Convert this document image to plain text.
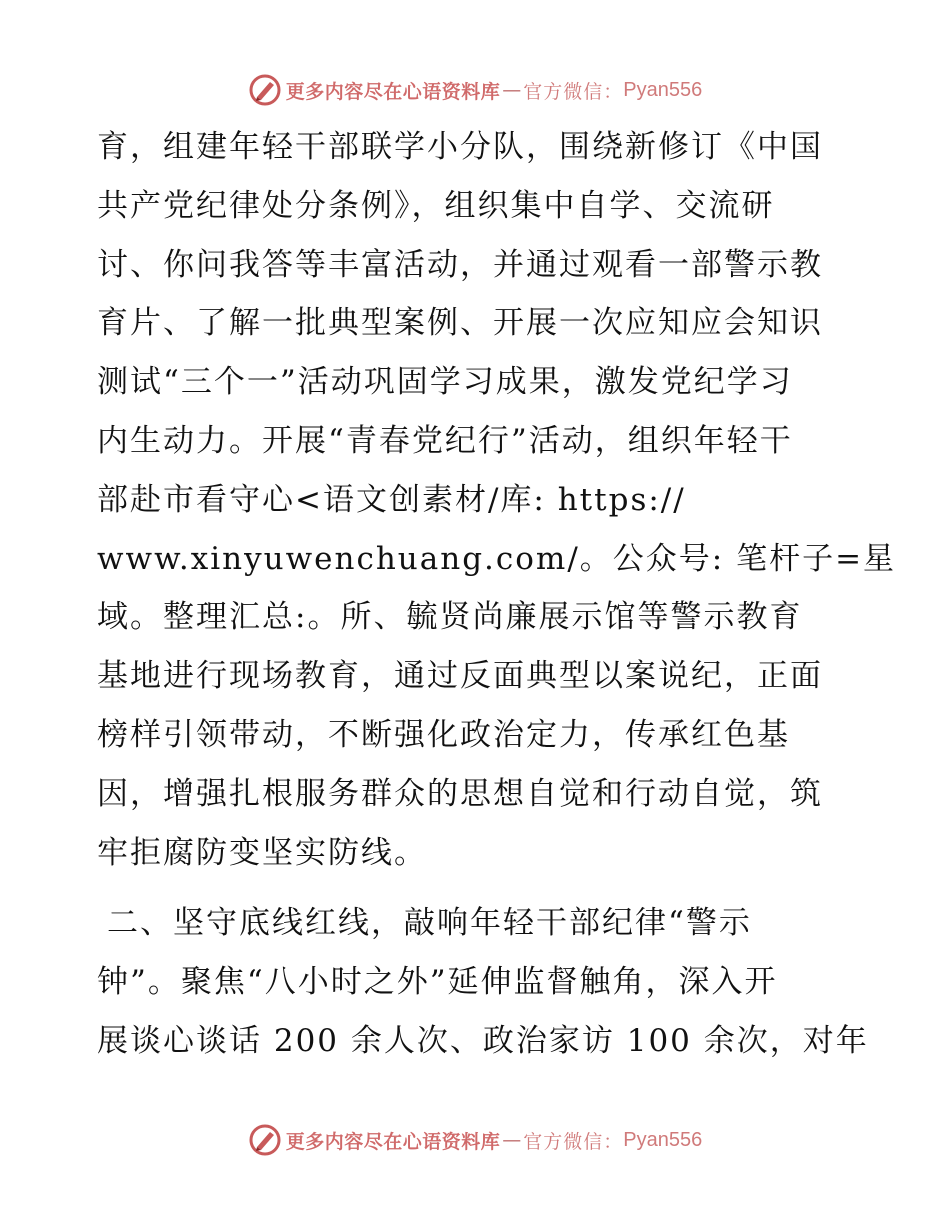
更多内容尽在心语资料库 — 官方微信： Pyan556
育，组建年轻干部联学小分队，围绕新修订《中国
共产党纪律处分条例》，组织集中自学、交流研
讨、你问我答等丰富活动，并通过观看一部警示教
育片、了解一批典型案例、开展一次应知应会知识
测试“三个一”活动巩固学习成果，激发党纪学习
内生动力。开展“青春党纪行”活动，组织年轻干
部赴市看守心<语文创素材/库: https://
www.xinyuwenchuang.com/。公众号: 笔杆子=星
域。整理汇总:。所、毓贤尚廉展示馆等警示教育
基地进行现场教育，通过反面典型以案说纪，正面
榜样引领带动，不断强化政治定力，传承红色基
因，增强扎根服务群众的思想自觉和行动自觉，筑
牢拒腐防变坚实防线。
二、坚守底线红线，敲响年轻干部纪律“警示
钟”。聚焦“八小时之外”延伸监督触角，深入开
展谈心谈话 200 余人次、政治家访 100 余次，对年
更多内容尽在心语资料库 — 官方微信： Pyan556
